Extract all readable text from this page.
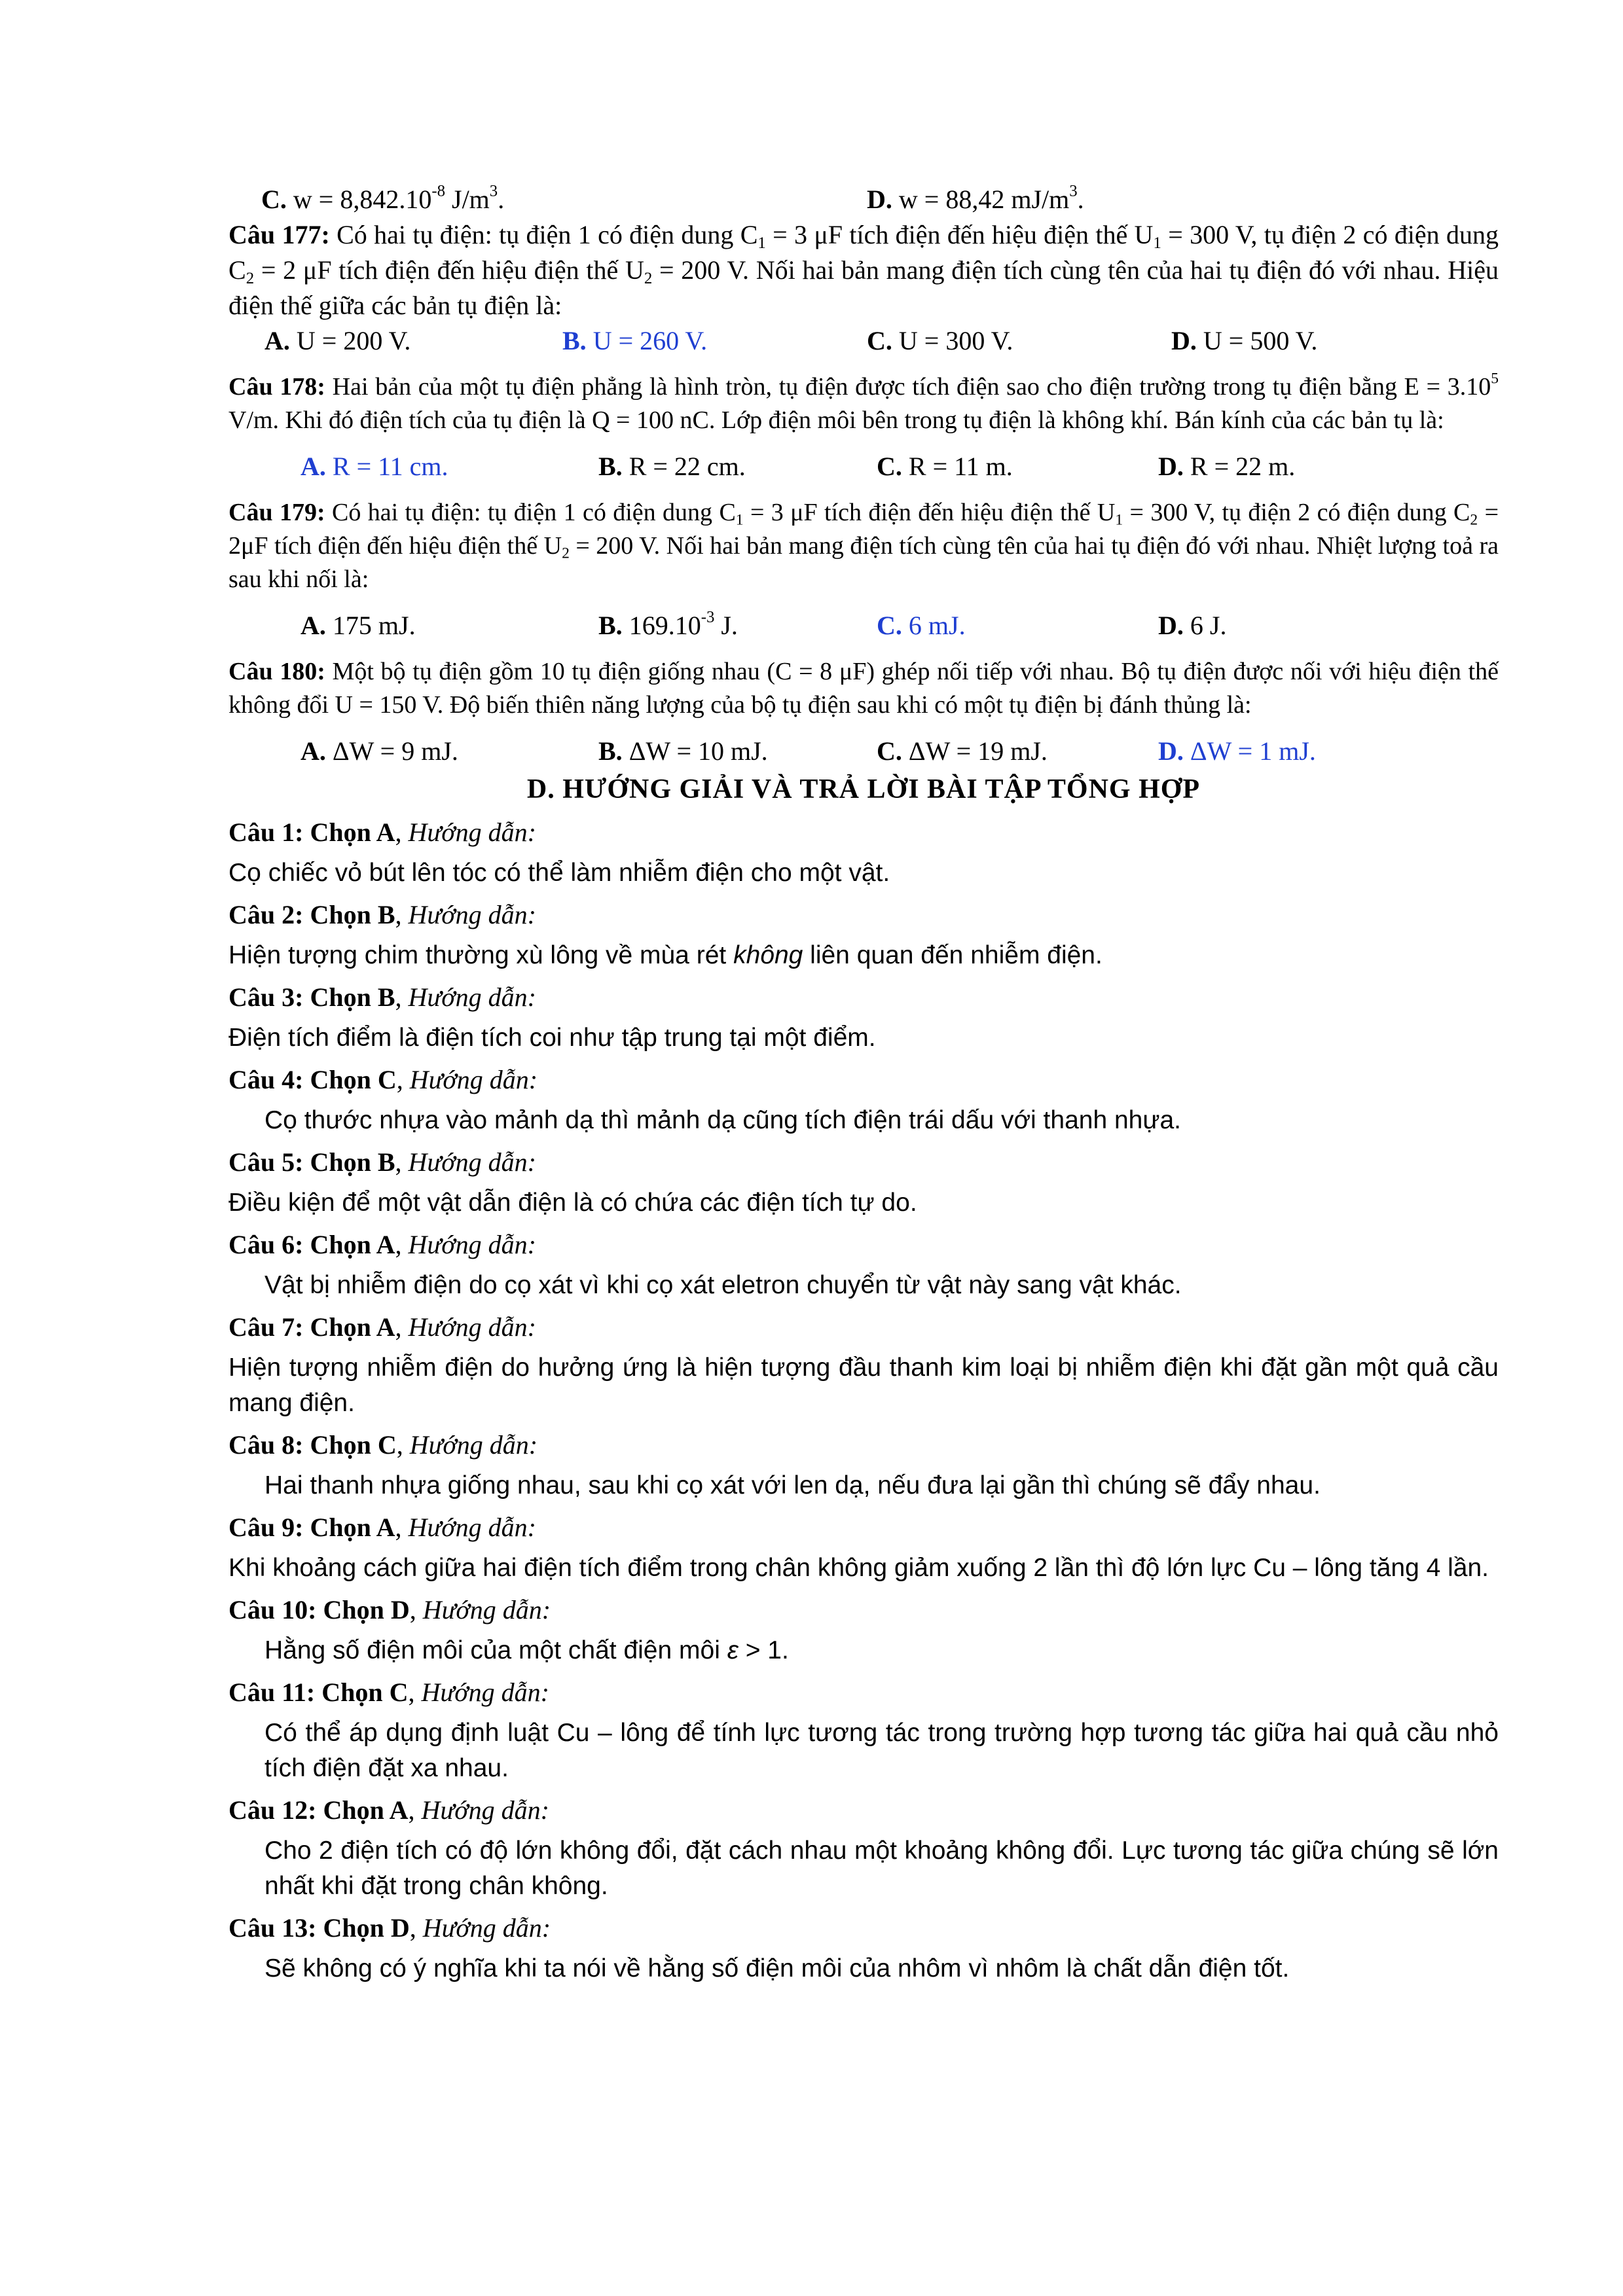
C. $w = 8,842.10^{-8}$ $J/m^3$.	D. w = 88,42 $mJ/m^3$.

Câu 177: Có hai tụ điện: tụ điện 1 có điện dung $C_1 = 3$ μF tích điện đến hiệu điện thế $U_1 = 300$ V, tụ điện 2 có điện dung $C_2 = 2$ μF tích điện đến hiệu điện thế $U_2 = 200$ V. Nối hai bản mang điện tích cùng tên của hai tụ điện đó với nhau. Hiệu điện thế giữa các bản tụ điện là:

A. U = 200 V.	B. U = 260 V.	C. U = 300 V.	D. U = 500 V.

Câu 178: Hai bản của một tụ điện phẳng là hình tròn, tụ điện được tích điện sao cho điện trường trong tụ điện bằng $E = 3.10^5$ V/m. Khi đó điện tích của tụ điện là Q = 100 nC. Lớp điện môi bên trong tụ điện là không khí. Bán kính của các bản tụ là:

A. R = 11 cm.	B. R = 22 cm.	C. R = 11 m.	D. R = 22 m.

Câu 179: Có hai tụ điện: tụ điện 1 có điện dung $C_1 = 3$ μF tích điện đến hiệu điện thế $U_1 = 300$ V, tụ điện 2 có điện dung $C_2 = 2\mu F$ tích điện đến hiệu điện thế $U_2 = 200$ V. Nối hai bản mang điện tích cùng tên của hai tụ điện đó với nhau. Nhiệt lượng toả ra sau khi nối là:

A. 175 mJ.	B. $169.10^{-3}$ J.	C. 6 mJ.	D. 6 J.

Câu 180: Một bộ tụ điện gồm 10 tụ điện giống nhau (C = 8 μF) ghép nối tiếp với nhau. Bộ tụ điện được nối với hiệu điện thế không đổi U = 150 V. Độ biến thiên năng lượng của bộ tụ điện sau khi có một tụ điện bị đánh thủng là:

A. ΔW = 9 mJ.	B. ΔW = 10 mJ.	C. ΔW = 19 mJ.	D. ΔW = 1 mJ.
D. HƯỚNG GIẢI VÀ TRẢ LỜI BÀI TẬP TỔNG HỢP
Câu 1: Chọn A, Hướng dẫn:

Cọ chiếc vỏ bút lên tóc có thể làm nhiễm điện cho một vật.

Câu 2: Chọn B, Hướng dẫn:

Hiện tượng chim thường xù lông về mùa rét không liên quan đến nhiễm điện.

Câu 3: Chọn B, Hướng dẫn:

Điện tích điểm là điện tích coi như tập trung tại một điểm.

Câu 4: Chọn C, Hướng dẫn:

Cọ thước nhựa vào mảnh dạ thì mảnh dạ cũng tích điện trái dấu với thanh nhựa.

Câu 5: Chọn B, Hướng dẫn:

Điều kiện để một vật dẫn điện là có chứa các điện tích tự do.

Câu 6: Chọn A, Hướng dẫn:

Vật bị nhiễm điện do cọ xát vì khi cọ xát eletron chuyển từ vật này sang vật khác.

Câu 7: Chọn A, Hướng dẫn:

Hiện tượng nhiễm điện do hưởng ứng là hiện tượng đầu thanh kim loại bị nhiễm điện khi đặt gần một quả cầu mang điện.

Câu 8: Chọn C, Hướng dẫn:

Hai thanh nhựa giống nhau, sau khi cọ xát với len dạ, nếu đưa lại gần thì chúng sẽ đẩy nhau.

Câu 9: Chọn A, Hướng dẫn:

Khi khoảng cách giữa hai điện tích điểm trong chân không giảm xuống 2 lần thì độ lớn lực Cu – lông tăng 4 lần.

Câu 10: Chọn D, Hướng dẫn:

Hằng số điện môi của một chất điện môi ε > 1.

Câu 11: Chọn C, Hướng dẫn:

Có thể áp dụng định luật Cu – lông để tính lực tương tác trong trường hợp tương tác giữa hai quả cầu nhỏ tích điện đặt xa nhau.

Câu 12: Chọn A, Hướng dẫn:

Cho 2 điện tích có độ lớn không đổi, đặt cách nhau một khoảng không đổi. Lực tương tác giữa chúng sẽ lớn nhất khi đặt trong chân không.

Câu 13: Chọn D, Hướng dẫn:

Sẽ không có ý nghĩa khi ta nói về hằng số điện môi của nhôm vì nhôm là chất dẫn điện tốt.
